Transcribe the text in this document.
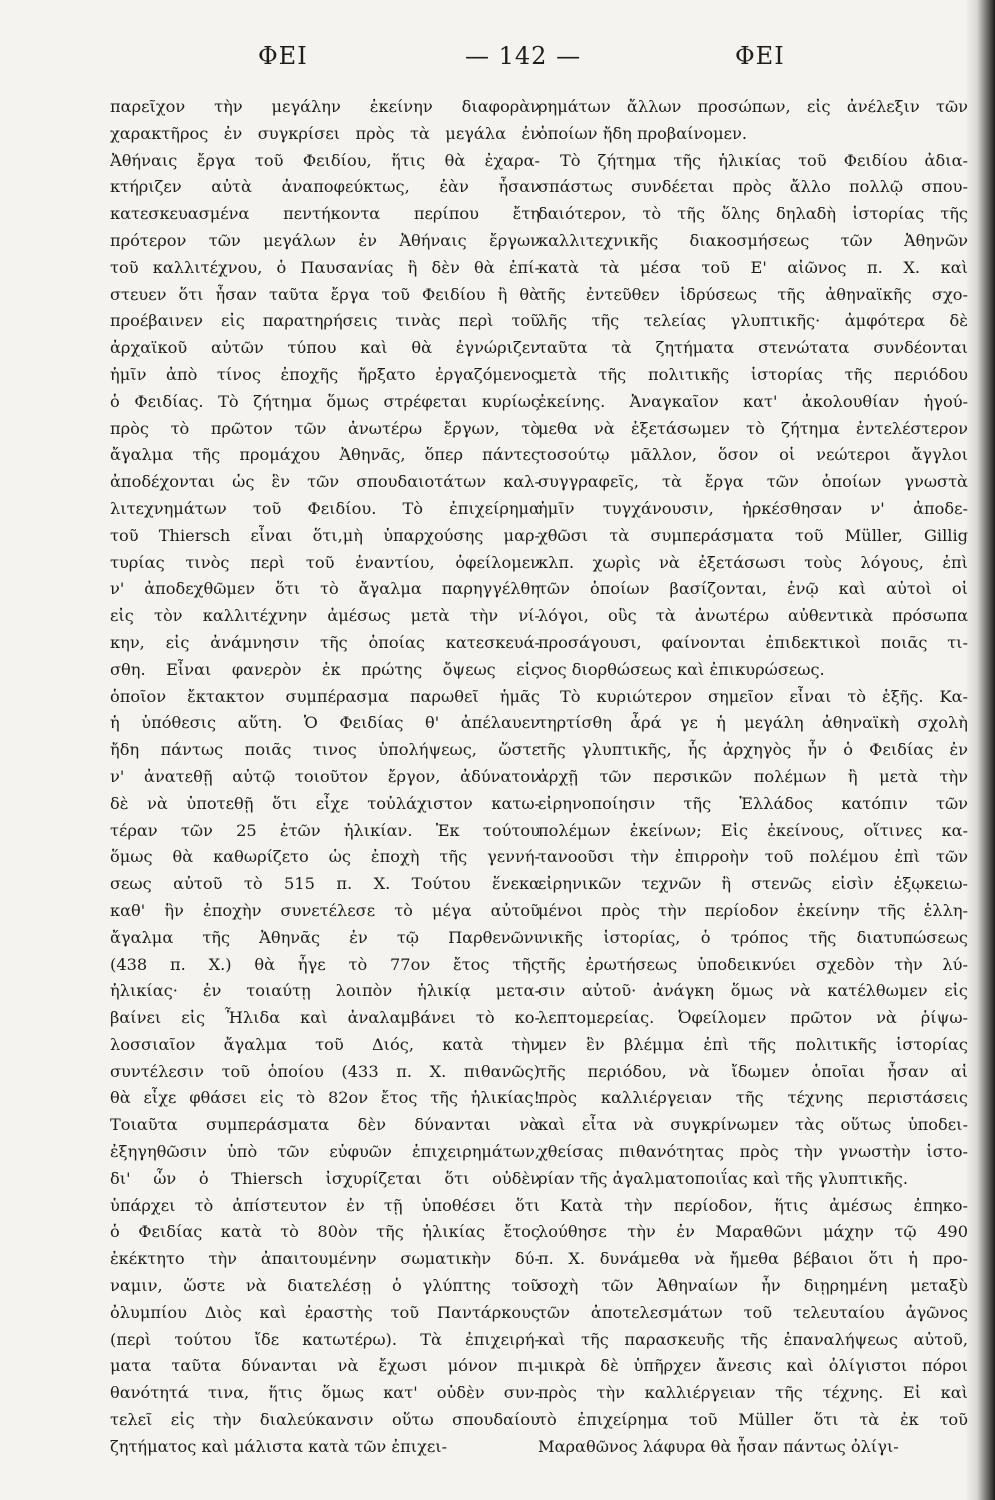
ΦΕΙ	— 142 —	ΦΕΙ
παρεῖχον τὴν μεγάλην ἐκείνην διαφορὰν
χαρακτῆρος ἐν συγκρίσει πρὸς τὰ μεγάλα ἐν
Ἀθήναις ἔργα τοῦ Φειδίου, ἥτις θὰ ἐχαρα-
κτήριζεν αὐτὰ ἀναποφεύκτως, ἐὰν ἦσαν
κατεσκευασμένα πεντήκοντα περίπου ἔτη
πρότερον τῶν μεγάλων ἐν Ἀθήναις ἔργων
τοῦ καλλιτέχνου, ὁ Παυσανίας ἢ δὲν θὰ ἐπί-
στευεν ὅτι ἦσαν ταῦτα ἔργα τοῦ Φειδίου ἢ θὰ
προέβαινεν εἰς παρατηρήσεις τινὰς περὶ τοῦ
ἀρχαϊκοῦ αὐτῶν τύπου καὶ θὰ ἐγνώριζεν
ἡμῖν ἀπὸ τίνος ἐποχῆς ἤρξατο ἐργαζόμενος
ὁ Φειδίας. Τὸ ζήτημα ὅμως στρέφεται κυρίως
πρὸς τὸ πρῶτον τῶν ἀνωτέρω ἔργων, τὸ
ἄγαλμα τῆς προμάχου Ἀθηνᾶς, ὅπερ πάντες
ἀποδέχονται ὡς ἓν τῶν σπουδαιοτάτων καλ-
λιτεχνημάτων τοῦ Φειδίου. Τὸ ἐπιχείρημα
τοῦ Thiersch εἶναι ὅτι,μὴ ὑπαρχούσης μαρ-
τυρίας τινὸς περὶ τοῦ ἐναντίου, ὀφείλομεν
ν' ἀποδεχθῶμεν ὅτι τὸ ἄγαλμα παρηγγέλθη
εἰς τὸν καλλιτέχνην ἀμέσως μετὰ τὴν νί-
κην, εἰς ἀνάμνησιν τῆς ὁποίας κατεσκευά-
σθη. Εἶναι φανερὸν ἐκ πρώτης ὄψεως εἰς
ὁποῖον ἔκτακτον συμπέρασμα παρωθεῖ ἡμᾶς
ἡ ὑπόθεσις αὕτη. Ὁ Φειδίας θ' ἀπέλαυεν
ἤδη πάντως ποιᾶς τινος ὑπολήψεως, ὥστε
ν' ἀνατεθῇ αὐτῷ τοιοῦτον ἔργον, ἀδύνατον
δὲ νὰ ὑποτεθῇ ὅτι εἶχε τοὐλάχιστον κατω-
τέραν τῶν 25 ἐτῶν ἡλικίαν. Ἐκ τούτου
ὅμως θὰ καθωρίζετο ὡς ἐποχὴ τῆς γεννή-
σεως αὐτοῦ τὸ 515 π. Χ. Τούτου ἕνεκα
καθ' ἣν ἐποχὴν συνετέλεσε τὸ μέγα αὐτοῦ
ἄγαλμα τῆς Ἀθηνᾶς ἐν τῷ Παρθενῶνι
(438 π. Χ.) θὰ ἦγε τὸ 77ον ἔτος τῆς
ἡλικίας· ἐν τοιαύτῃ λοιπὸν ἡλικίᾳ μετα-
βαίνει εἰς Ἦλιδα καὶ ἀναλαμβάνει τὸ κο-
λοσσιαῖον ἄγαλμα τοῦ Διός, κατὰ τὴν
συντέλεσιν τοῦ ὁποίου (433 π. Χ. πιθανῶς)
θὰ εἶχε φθάσει εἰς τὸ 82ον ἔτος τῆς ἡλικίας!
Τοιαῦτα συμπεράσματα δὲν δύνανται νὰ
ἐξηγηθῶσιν ὑπὸ τῶν εὐφυῶν ἐπιχειρημάτων,
δι' ὧν ὁ Thiersch ἰσχυρίζεται ὅτι οὐδὲν
ὑπάρχει τὸ ἀπίστευτον ἐν τῇ ὑποθέσει ὅτι
ὁ Φειδίας κατὰ τὸ 80ὸν τῆς ἡλικίας ἔτος
ἐκέκτητο τὴν ἀπαιτουμένην σωματικὴν δύ-
ναμιν, ὥστε νὰ διατελέσῃ ὁ γλύπτης τοῦ
ὀλυμπίου Διὸς καὶ ἐραστὴς τοῦ Παντάρκους
(περὶ τούτου ἴδε κατωτέρω). Τὰ ἐπιχειρή-
ματα ταῦτα δύνανται νὰ ἔχωσι μόνον πι-
θανότητά τινα, ἥτις ὅμως κατ' οὐδὲν συν-
τελεῖ εἰς τὴν διαλεύκανσιν οὕτω σπουδαίου
ζητήματος καὶ μάλιστα κατὰ τῶν ἐπιχει-
ρημάτων ἄλλων προσώπων, εἰς ἀνέλεξιν τῶν
ὁποίων ἤδη προβαίνομεν.
Τὸ ζήτημα τῆς ἡλικίας τοῦ Φειδίου ἀδια-
σπάστως συνδέεται πρὸς ἄλλο πολλῷ σπου-
δαιότερον, τὸ τῆς ὅλης δηλαδὴ ἱστορίας τῆς
καλλιτεχνικῆς διακοσμήσεως τῶν Ἀθηνῶν
κατὰ τὰ μέσα τοῦ Ε' αἰῶνος π. Χ. καὶ
τῆς ἐντεῦθεν ἱδρύσεως τῆς ἀθηναϊκῆς σχο-
λῆς τῆς τελείας γλυπτικῆς· ἀμφότερα δὲ
ταῦτα τὰ ζητήματα στενώτατα συνδέονται
μετὰ τῆς πολιτικῆς ἱστορίας τῆς περιόδου
ἐκείνης. Ἀναγκαῖον κατ' ἀκολουθίαν ἡγού-
μεθα νὰ ἐξετάσωμεν τὸ ζήτημα ἐντελέστερον
τοσούτῳ μᾶλλον, ὅσον οἱ νεώτεροι ἄγγλοι
συγγραφεῖς, τὰ ἔργα τῶν ὁποίων γνωστὰ
ἡμῖν τυγχάνουσιν, ἠρκέσθησαν ν' ἀποδε-
χθῶσι τὰ συμπεράσματα τοῦ Müller, Gillig
κλπ. χωρὶς νὰ ἐξετάσωσι τοὺς λόγους, ἐπὶ
τῶν ὁποίων βασίζονται, ἐνῷ καὶ αὐτοὶ οἱ
λόγοι, οὓς τὰ ἀνωτέρω αὐθεντικὰ πρόσωπα
προσάγουσι, φαίνονται ἐπιδεκτικοὶ ποιᾶς τι-
νος διορθώσεως καὶ ἐπικυρώσεως.
Τὸ κυριώτερον σημεῖον εἶναι τὸ ἑξῆς. Κα-
τηρτίσθη ἆρά γε ἡ μεγάλη ἀθηναϊκὴ σχολὴ
τῆς γλυπτικῆς, ἧς ἀρχηγὸς ἦν ὁ Φειδίας ἐν
ἀρχῇ τῶν περσικῶν πολέμων ἢ μετὰ τὴν
εἰρηνοποίησιν τῆς Ἑλλάδος κατόπιν τῶν
πολέμων ἐκείνων; Εἰς ἐκείνους, οἵτινες κα-
τανοοῦσι τὴν ἐπιρροὴν τοῦ πολέμου ἐπὶ τῶν
εἰρηνικῶν τεχνῶν ἢ στενῶς εἰσὶν ἐξῳκειω-
μένοι πρὸς τὴν περίοδον ἐκείνην τῆς ἑλλη-
νικῆς ἱστορίας, ὁ τρόπος τῆς διατυπώσεως
τῆς ἐρωτήσεως ὑποδεικνύει σχεδὸν τὴν λύ-
σιν αὐτοῦ· ἀνάγκη ὅμως νὰ κατέλθωμεν εἰς
λεπτομερείας. Ὀφείλομεν πρῶτον νὰ ῥίψω-
μεν ἓν βλέμμα ἐπὶ τῆς πολιτικῆς ἱστορίας
τῆς περιόδου, νὰ ἴδωμεν ὁποῖαι ἦσαν αἱ
πρὸς καλλιέργειαν τῆς τέχνης περιστάσεις
καὶ εἶτα νὰ συγκρίνωμεν τὰς οὕτως ὑποδει-
χθείσας πιθανότητας πρὸς τὴν γνωστὴν ἱστο-
ρίαν τῆς ἀγαλματοποιΐας καὶ τῆς γλυπτικῆς.
Κατὰ τὴν περίοδον, ἥτις ἀμέσως ἐπηκο-
λούθησε τὴν ἐν Μαραθῶνι μάχην τῷ 490
π. Χ. δυνάμεθα νὰ ἤμεθα βέβαιοι ὅτι ἡ προ-
σοχὴ τῶν Ἀθηναίων ἦν διῃρημένη μεταξὺ
τῶν ἀποτελεσμάτων τοῦ τελευταίου ἀγῶνος
καὶ τῆς παρασκευῆς τῆς ἐπαναλήψεως αὐτοῦ,
μικρὰ δὲ ὑπῆρχεν ἄνεσις καὶ ὀλίγιστοι πόροι
πρὸς τὴν καλλιέργειαν τῆς τέχνης. Εἰ καὶ
τὸ ἐπιχείρημα τοῦ Müller ὅτι τὰ ἐκ τοῦ
Μαραθῶνος λάφυρα θὰ ἦσαν πάντως ὀλίγι-
